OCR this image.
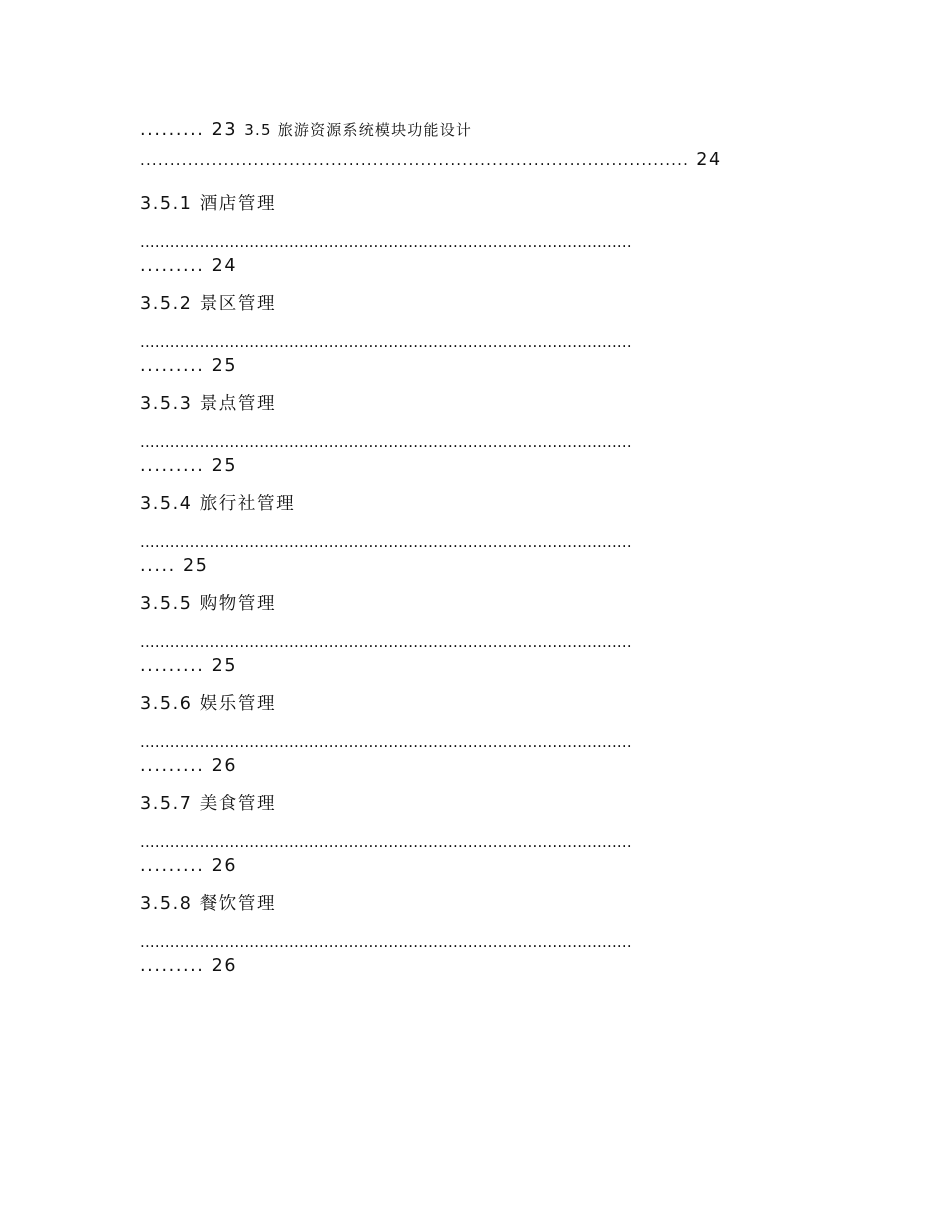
......... 23 3.5 旅游资源系统模块功能设计
............................................................................................ 24
3.5.1 酒店管理
...................................................................................................
......... 24
3.5.2 景区管理
...................................................................................................
......... 25
3.5.3 景点管理
...................................................................................................
......... 25
3.5.4 旅行社管理
...................................................................................................
..... 25
3.5.5 购物管理
...................................................................................................
......... 25
3.5.6 娱乐管理
...................................................................................................
......... 26
3.5.7 美食管理
...................................................................................................
......... 26
3.5.8 餐饮管理
...................................................................................................
......... 26
